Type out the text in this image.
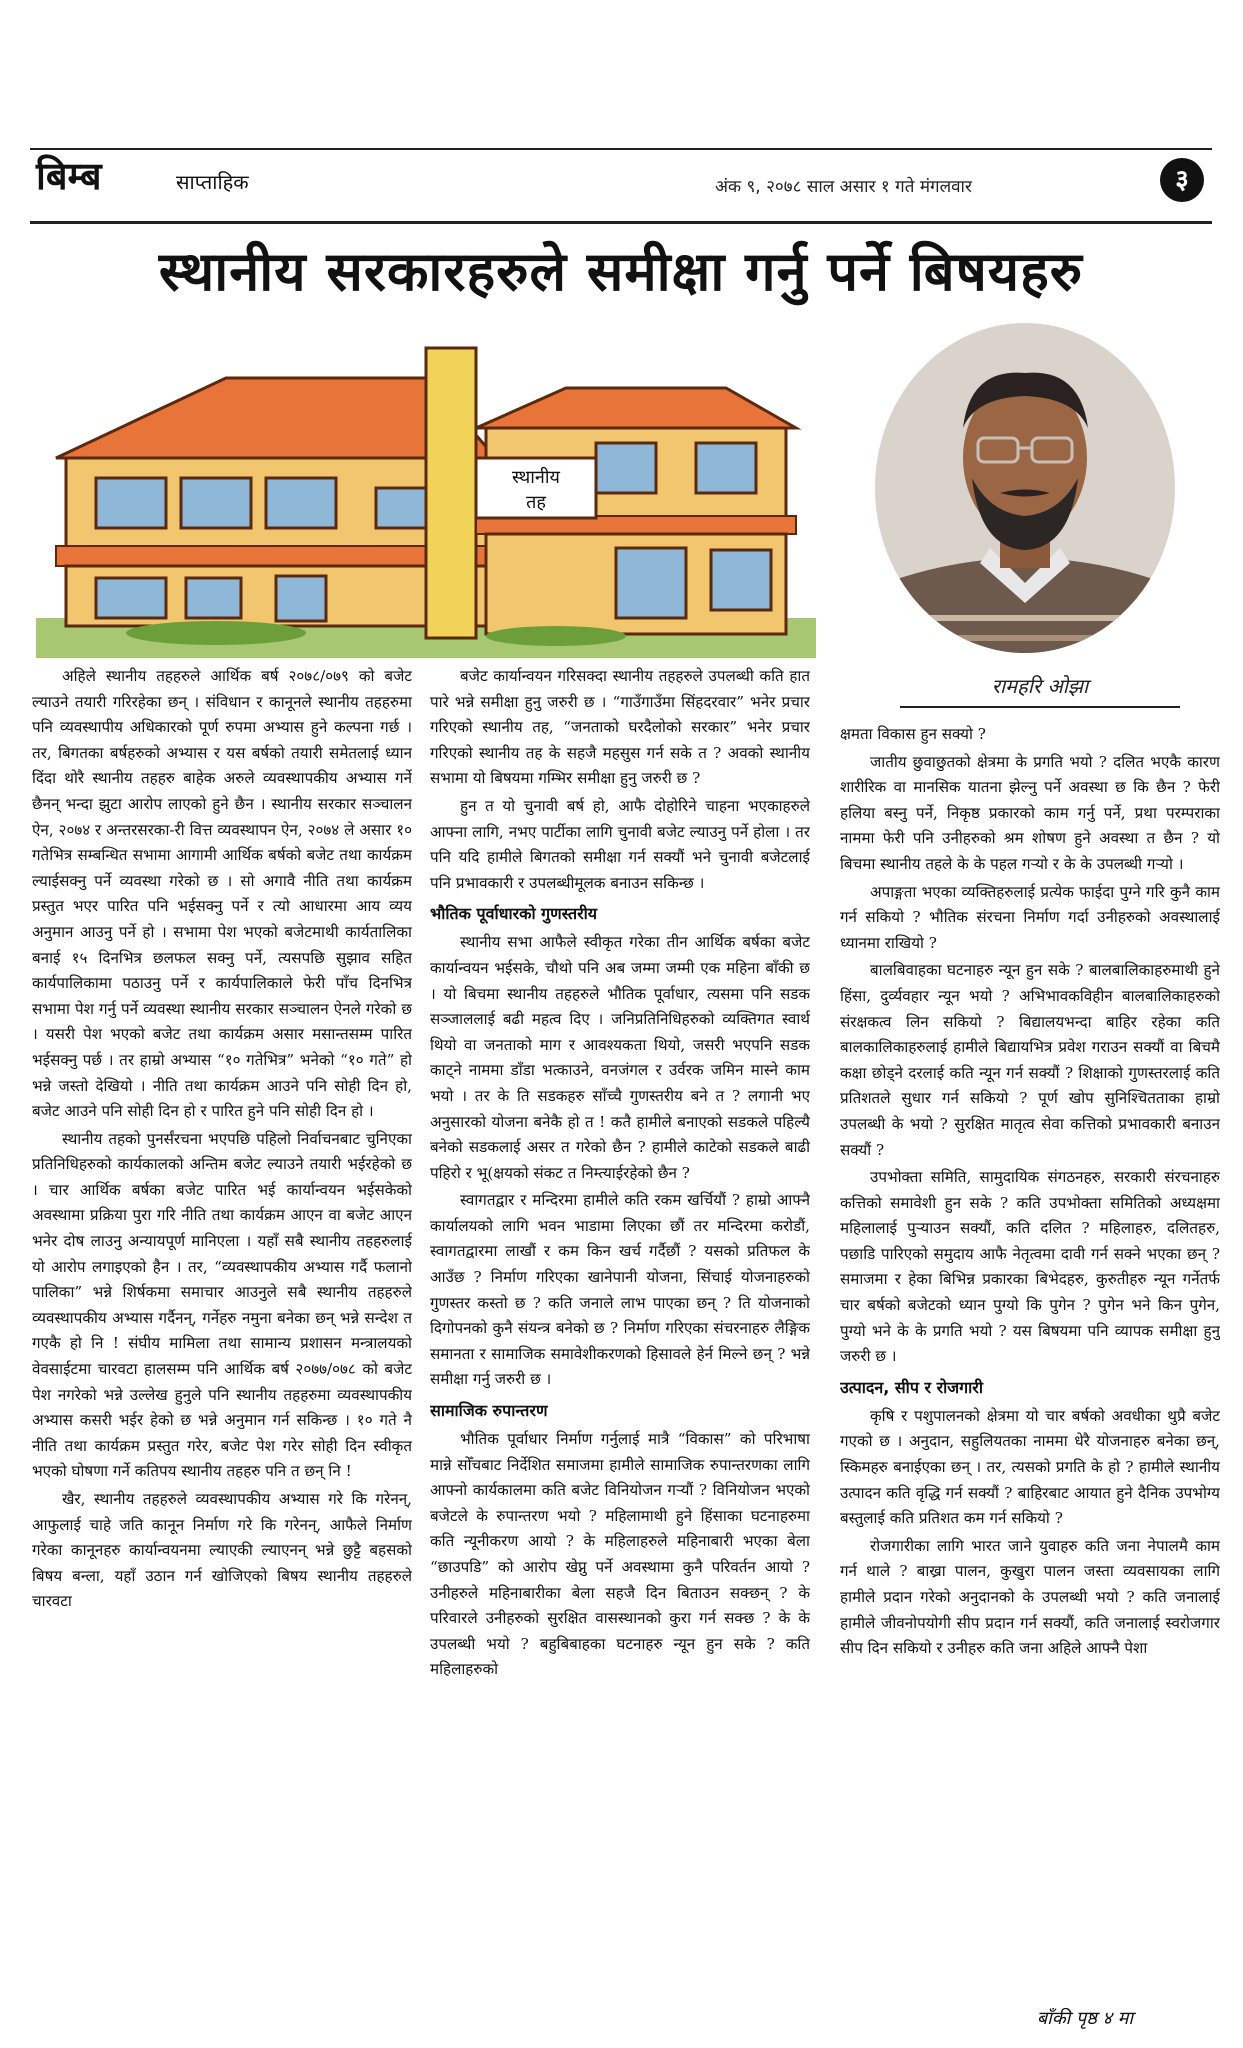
बिम्ब	साप्ताहिक	अंक ९, २०७८ साल असार १ गते मंगलवार	३
स्थानीय सरकारहरुले समीक्षा गर्नु पर्ने बिषयहरु
स्थानीय
तह
रामहरि ओझा

अहिले स्थानीय तहहरुले आर्थिक बर्ष २०७८/०७९ को बजेट ल्याउने तयारी गरिरहेका छन् । संविधान र कानूनले स्थानीय तहहरुमा पनि व्यवस्थापीय अधिकारको पूर्ण रुपमा अभ्यास हुने कल्पना गर्छ । तर, बिगतका बर्षहरुको अभ्यास र यस बर्षको तयारी समेतलाई ध्यान दिंदा थोरै स्थानीय तहहरु बाहेक अरुले व्यवस्थापकीय अभ्यास गर्ने छैनन् भन्दा झुटा आरोप लाएको हुने छैन । स्थानीय सरकार सञ्चालन ऐन, २०७४ र अन्तरसरका-री वित्त व्यवस्थापन ऐन, २०७४ ले असार १० गतेभित्र सम्बन्धित सभामा आगामी आर्थिक बर्षको बजेट तथा कार्यक्रम ल्याईसक्नु पर्ने व्यवस्था गरेको छ । सो अगावै नीति तथा कार्यक्रम प्रस्तुत भएर पारित पनि भईसक्नु पर्ने र त्यो आधारमा आय व्यय अनुमान आउनु पर्ने हो । सभामा पेश भएको बजेटमाथी कार्यतालिका बनाई १५ दिनभित्र छलफल सक्नु पर्ने, त्यसपछि सुझाव सहित कार्यपालिकामा पठाउनु पर्ने र कार्यपालिकाले फेरी पाँच दिनभित्र सभामा पेश गर्नु पर्ने व्यवस्था स्थानीय सरकार सञ्चालन ऐनले गरेको छ । यसरी पेश भएको बजेट तथा कार्यक्रम असार मसान्तसम्म पारित भईसक्नु पर्छ । तर हाम्रो अभ्यास “१० गतेभित्र” भनेको “१० गते” हो भन्ने जस्तो देखियो । नीति तथा कार्यक्रम आउने पनि सोही दिन हो, बजेट आउने पनि सोही दिन हो र पारित हुने पनि सोही दिन हो ।

स्थानीय तहको पुनर्संरचना भएपछि पहिलो निर्वाचनबाट चुनिएका प्रतिनिधिहरुको कार्यकालको अन्तिम बजेट ल्याउने तयारी भईरहेको छ । चार आर्थिक बर्षका बजेट पारित भई कार्यान्वयन भईसकेको अवस्थामा प्रक्रिया पुरा गरि नीति तथा कार्यक्रम आएन वा बजेट आएन भनेर दोष लाउनु अन्यायपूर्ण मानिएला । यहाँ सबै स्थानीय तहहरुलाई यो आरोप लगाइएको हैन । तर, “व्यवस्थापकीय अभ्यास गर्दै फलानो पालिका” भन्ने शिर्षकमा समाचार आउनुले सबै स्थानीय तहहरुले व्यवस्थापकीय अभ्यास गर्दैनन्, गर्नेहरु नमुना बनेका छन् भन्ने सन्देश त गएकै हो नि ! संघीय मामिला तथा सामान्य प्रशासन मन्त्रालयको वेवसाईटमा चारवटा हालसम्म पनि आर्थिक बर्ष २०७७/०७८ को बजेट पेश नगरेको भन्ने उल्लेख हुनुले पनि स्थानीय तहहरुमा व्यवस्थापकीय अभ्यास कसरी भईर हेको छ भन्ने अनुमान गर्न सकिन्छ । १० गते नै नीति तथा कार्यक्रम प्रस्तुत गरेर, बजेट पेश गरेर सोही दिन स्वीकृत भएको घोषणा गर्ने कतिपय स्थानीय तहहरु पनि त छन् नि !

खैर, स्थानीय तहहरुले व्यवस्थापकीय अभ्यास गरे कि गरेनन्, आफुलाई चाहे जति कानून निर्माण गरे कि गरेनन्, आफैले निर्माण गरेका कानूनहरु कार्यान्वयनमा ल्याएकी ल्याएनन् भन्ने छुट्टै बहसको बिषय बन्ला, यहाँ उठान गर्न खोजिएको बिषय स्थानीय तहहरुले चारवटा

बजेट कार्यान्वयन गरिसक्दा स्थानीय तहहरुले उपलब्धी कति हात पारे भन्ने समीक्षा हुनु जरुरी छ । “गाउँगाउँमा सिंहदरवार” भनेर प्रचार गरिएको स्थानीय तह, “जनताको घरदैलोको सरकार” भनेर प्रचार गरिएको स्थानीय तह के सहजै महसुस गर्न सके त ? अवको स्थानीय सभामा यो बिषयमा गम्भिर समीक्षा हुनु जरुरी छ ?

हुन त यो चुनावी बर्ष हो, आफै दोहोरिने चाहना भएकाहरुले आफ्ना लागि, नभए पार्टीका लागि चुनावी बजेट ल्याउनु पर्ने होला । तर पनि यदि हामीले बिगतको समीक्षा गर्न सक्यौं भने चुनावी बजेटलाई पनि प्रभावकारी र उपलब्धीमूलक बनाउन सकिन्छ ।

भौतिक पूर्वाधारको गुणस्तरीय

स्थानीय सभा आफैले स्वीकृत गरेका तीन आर्थिक बर्षका बजेट कार्यान्वयन भईसके, चौथो पनि अब जम्मा जम्मी एक महिना बाँकी छ । यो बिचमा स्थानीय तहहरुले भौतिक पूर्वाधार, त्यसमा पनि सडक सञ्जाललाई बढी महत्व दिए । जनिप्रतिनिधिहरुको व्यक्तिगत स्वार्थ थियो वा जनताको माग र आवश्यकता थियो, जसरी भएपनि सडक काट्ने नाममा डाँडा भत्काउने, वनजंगल र उर्वरक जमिन मास्ने काम भयो । तर के ति सडकहरु साँच्चै गुणस्तरीय बने त ? लगानी भए अनुसारको योजना बनेकै हो त ! कतै हामीले बनाएको सडकले पहिल्यै बनेको सडकलाई असर त गरेको छैन ? हामीले काटेको सडकले बाढी पहिरो र भू(क्षयको संकट त निम्त्याईरहेको छैन ?

स्वागतद्वार र मन्दिरमा हामीले कति रकम खर्चियौं ? हाम्रो आफ्नै कार्यालयको लागि भवन भाडामा लिएका छौं तर मन्दिरमा करोडौं, स्वागतद्वारमा लाखौं र कम किन खर्च गर्दैछौं ? यसको प्रतिफल के आउँछ ? निर्माण गरिएका खानेपानी योजना, सिंचाई योजनाहरुको गुणस्तर कस्तो छ ? कति जनाले लाभ पाएका छन् ? ति योजनाको दिगोपनको कुनै संयन्त्र बनेको छ ? निर्माण गरिएका संचरनाहरु लैङ्गिक समानता र सामाजिक समावेशीकरणको हिसावले हेर्न मिल्ने छन् ? भन्ने समीक्षा गर्नु जरुरी छ ।

सामाजिक रुपान्तरण

भौतिक पूर्वाधार निर्माण गर्नुलाई मात्रै “विकास” को परिभाषा मान्ने सोँचबाट निर्देशित समाजमा हामीले सामाजिक रुपान्तरणका लागि आफ्नो कार्यकालमा कति बजेट विनियोजन गऱ्यौं ? विनियोजन भएको बजेटले के रुपान्तरण भयो ? महिलामाथी हुने हिंसाका घटनाहरुमा कति न्यूनीकरण आयो ? के महिलाहरुले महिनाबारी भएका बेला “छाउपडि” को आरोप खेप्नु पर्ने अवस्थामा कुनै परिवर्तन आयो ? उनीहरुले महिनाबारीका बेला सहजै दिन बिताउन सक्छन् ? के परिवारले उनीहरुको सुरक्षित वासस्थानको कुरा गर्न सक्छ ? के के उपलब्धी भयो ? बहुबिबाहका घटनाहरु न्यून हुन सके ? कति महिलाहरुको

क्षमता विकास हुन सक्यो ?

जातीय छुवाछुतको क्षेत्रमा के प्रगति भयो ? दलित भएकै कारण शारीरिक वा मानसिक यातना झेल्नु पर्ने अवस्था छ कि छैन ? फेरी हलिया बस्नु पर्ने, निकृष्ठ प्रकारको काम गर्नु पर्ने, प्रथा परम्पराका नाममा फेरी पनि उनीहरुको श्रम शोषण हुने अवस्था त छैन ? यो बिचमा स्थानीय तहले के के पहल गऱ्यो र के के उपलब्धी गऱ्यो ।

अपाङ्गता भएका व्यक्तिहरुलाई प्रत्येक फाईदा पुग्ने गरि कुनै काम गर्न सकियो ? भौतिक संरचना निर्माण गर्दा उनीहरुको अवस्थालाई ध्यानमा राखियो ?

बालबिवाहका घटनाहरु न्यून हुन सके ? बालबालिकाहरुमाथी हुने हिंसा, दुर्व्यवहार न्यून भयो ? अभिभावकविहीन बालबालिकाहरुको संरक्षकत्व लिन सकियो ? बिद्यालयभन्दा बाहिर रहेका कति बालकालिकाहरुलाई हामीले बिद्यायभित्र प्रवेश गराउन सक्यौं वा बिचमै कक्षा छोड्ने दरलाई कति न्यून गर्न सक्यौं ? शिक्षाको गुणस्तरलाई कति प्रतिशतले सुधार गर्न सकियो ? पूर्ण खोप सुनिश्चितताका हाम्रो उपलब्धी के भयो ? सुरक्षित मातृत्व सेवा कत्तिको प्रभावकारी बनाउन सक्यौं ?

उपभोक्ता समिति, सामुदायिक संगठनहरु, सरकारी संरचनाहरु कत्तिको समावेशी हुन सके ? कति उपभोक्ता समितिको अध्यक्षमा महिलालाई पुऱ्याउन सक्यौं, कति दलित ? महिलाहरु, दलितहरु, पछाडि पारिएको समुदाय आफै नेतृत्वमा दावी गर्न सक्ने भएका छन् ? समाजमा र हेका बिभिन्न प्रकारका बिभेदहरु, कुरुतीहरु न्यून गर्नेतर्फ चार बर्षको बजेटको ध्यान पुग्यो कि पुगेन ? पुगेन भने किन पुगेन, पुग्यो भने के के प्रगति भयो ? यस बिषयमा पनि व्यापक समीक्षा हुनु जरुरी छ ।

उत्पादन, सीप र रोजगारी

कृषि र पशुपालनको क्षेत्रमा यो चार बर्षको अवधीका थुप्रै बजेट गएको छ । अनुदान, सहुलियतका नाममा धेरै योजनाहरु बनेका छन्, स्किमहरु बनाईएका छन् । तर, त्यसको प्रगति के हो ? हामीले स्थानीय उत्पादन कति वृद्धि गर्न सक्यौं ? बाहिरबाट आयात हुने दैनिक उपभोग्य बस्तुलाई कति प्रतिशत कम गर्न सकियो ?

रोजगारीका लागि भारत जाने युवाहरु कति जना नेपालमै काम गर्न थाले ? बाख्रा पालन, कुखुरा पालन जस्ता व्यवसायका लागि हामीले प्रदान गरेको अनुदानको के उपलब्धी भयो ? कति जनालाई हामीले जीवनोपयोगी सीप प्रदान गर्न सक्यौं, कति जनालाई स्वरोजगार सीप दिन सकियो र उनीहरु कति जना अहिले आफ्नै पेशा

बाँकी पृष्ठ ४ मा
